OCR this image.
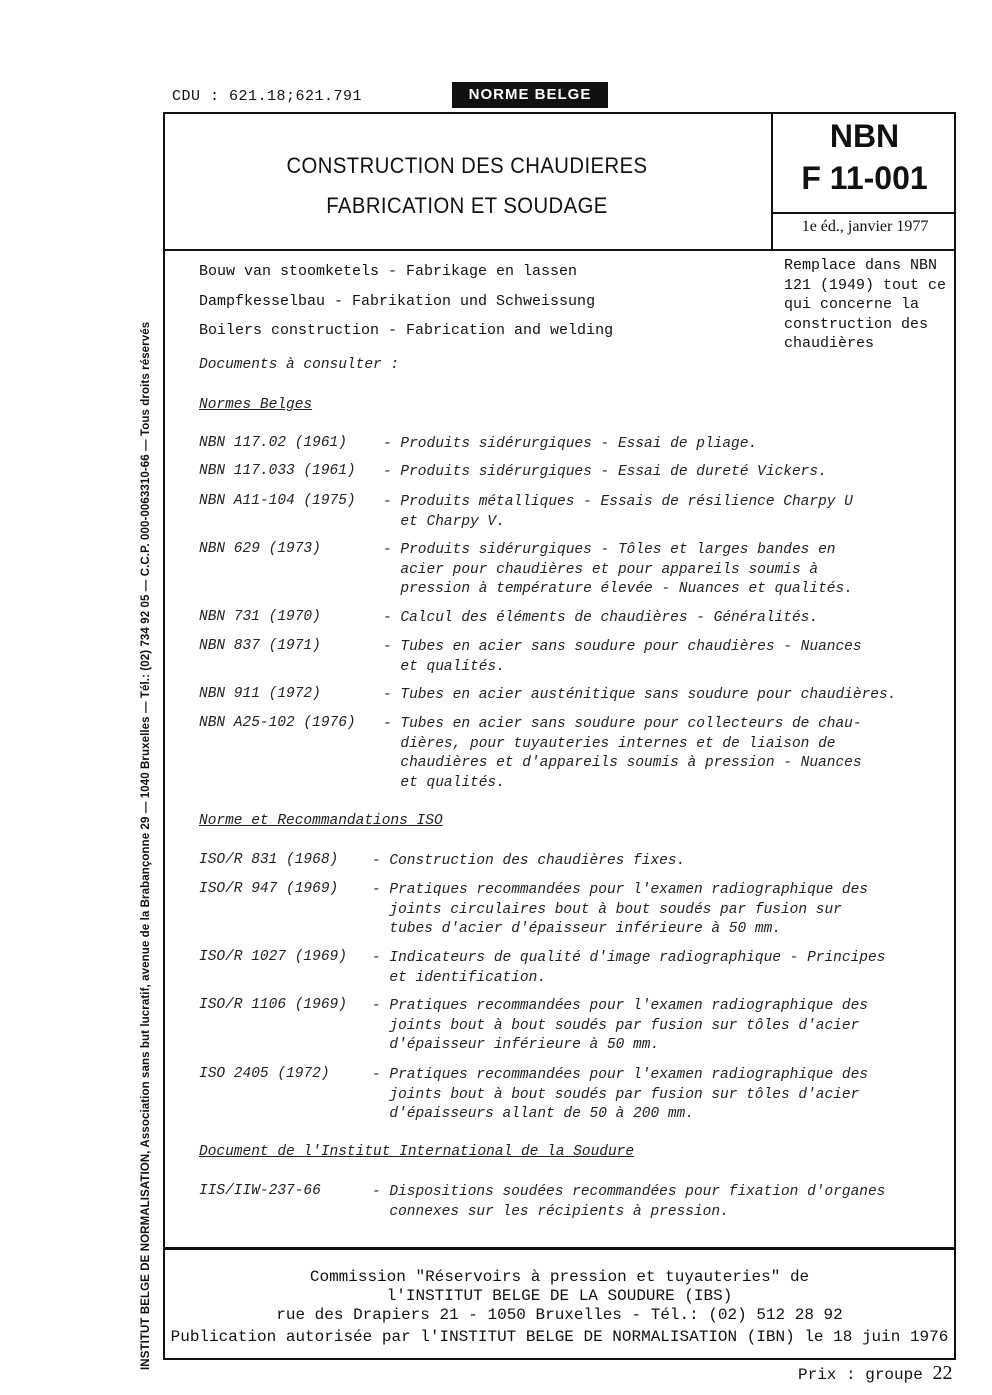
CDU : 621.18;621.791	NORME BELGE
INSTITUT BELGE DE NORMALISATION, Association sans but lucratif, avenue de la Brabançonne 29 — 1040 Bruxelles — Tél.: (02) 734 92 05 — C.C.P. 000-0063310-66 — Tous droits réservés
CONSTRUCTION DES CHAUDIERES
FABRICATION ET SOUDAGE
NBN
F 11-001
1e éd., janvier 1977
Bouw van stoomketels - Fabrikage en lassen
Dampfkesselbau - Fabrikation und Schweissung
Boilers construction - Fabrication and welding
Remplace dans NBN 121 (1949) tout ce qui concerne la construction des chaudières
Documents à consulter :
Normes Belges
NBN 117.02 (1961) - Produits sidérurgiques - Essai de pliage.
NBN 117.033 (1961) - Produits sidérurgiques - Essai de dureté Vickers.
NBN A11-104 (1975) - Produits métalliques - Essais de résilience Charpy U
et Charpy V.
NBN 629 (1973)	- Produits sidérurgiques - Tôles et larges bandes en
acier pour chaudières et pour appareils soumis à
pression à température élevée - Nuances et qualités.
NBN 731 (1970)	- Calcul des éléments de chaudières - Généralités.
NBN 837 (1971)	- Tubes en acier sans soudure pour chaudières - Nuances
et qualités.
NBN 911 (1972)	- Tubes en acier austénitique sans soudure pour chaudières.
NBN A25-102 (1976) - Tubes en acier sans soudure pour collecteurs de chau-
dières, pour tuyauteries internes et de liaison de
chaudières et d'appareils soumis à pression - Nuances
et qualités.
Norme et Recommandations ISO
ISO/R 831 (1968) - Construction des chaudières fixes.
ISO/R 947 (1969) - Pratiques recommandées pour l'examen radiographique des
joints circulaires bout à bout soudés par fusion sur
tubes d'acier d'épaisseur inférieure à 50 mm.
ISO/R 1027 (1969) - Indicateurs de qualité d'image radiographique - Principes
et identification.
ISO/R 1106 (1969) - Pratiques recommandées pour l'examen radiographique des
joints bout à bout soudés par fusion sur tôles d'acier
d'épaisseur inférieure à 50 mm.
ISO 2405 (1972)	- Pratiques recommandées pour l'examen radiographique des
joints bout à bout soudés par fusion sur tôles d'acier
d'épaisseurs allant de 50 à 200 mm.
Document de l'Institut International de la Soudure
IIS/IIW-237-66	- Dispositions soudées recommandées pour fixation d'organes
connexes sur les récipients à pression.
Commission "Réservoirs à pression et tuyauteries" de
l'INSTITUT BELGE DE LA SOUDURE (IBS)
rue des Drapiers 21 - 1050 Bruxelles - Tél.: (02) 512 28 92
Publication autorisée par l'INSTITUT BELGE DE NORMALISATION (IBN) le 18 juin 1976
Prix : groupe 22
